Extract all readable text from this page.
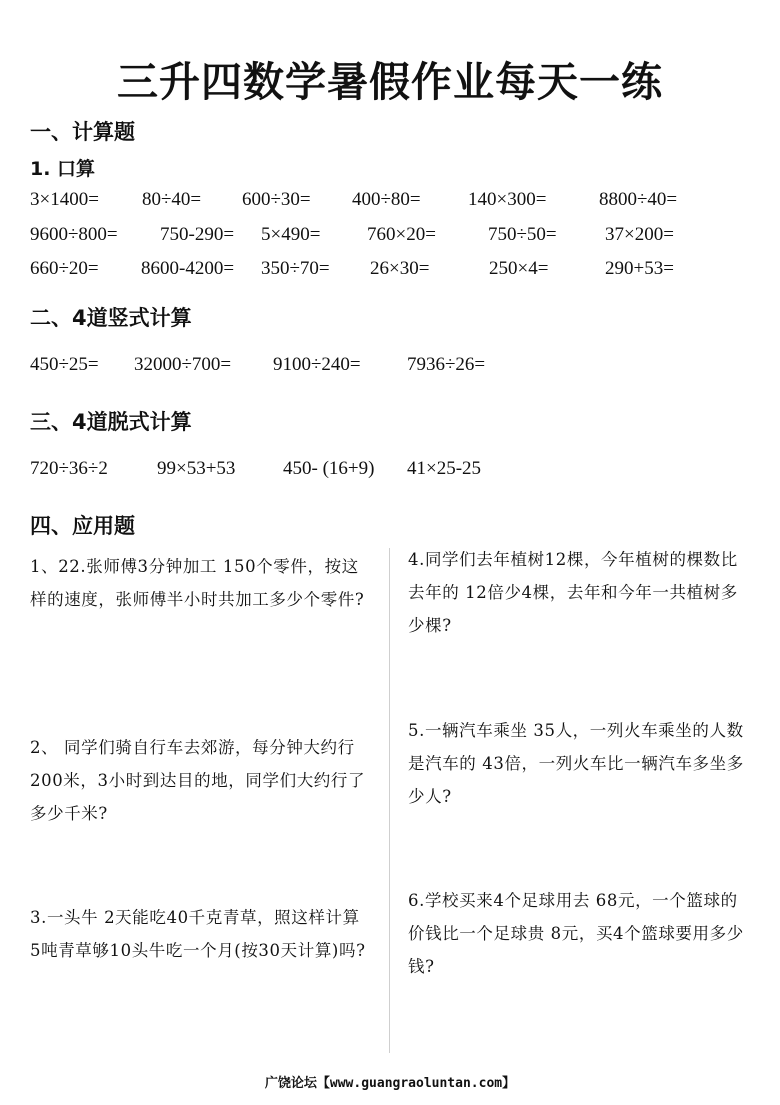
三升四数学暑假作业每天一练
一、计算题
1. 口算
3×1400= 80÷40= 600÷30= 400÷80= 140×300=	8800÷40=
9600÷800= 750-290= 5×490= 760×20=	750÷50=	37×200=
660÷20= 8600-4200= 350÷70= 26×30=	250×4=	290+53=
二、4道竖式计算
450÷25= 32000÷700= 9100÷240= 7936÷26=
三、4道脱式计算
720÷36÷2	99×53+53	450- (16+9) 41×25-25
四、应用题
1、22.张师傅3分钟加工 150个零件，按这样的速度，张师傅半小时共加工多少个零件?
4.同学们去年植树12棵，今年植树的棵数比去年的 12倍少4棵，去年和今年一共植树多少棵?
2、 同学们骑自行车去郊游，每分钟大约行 200米，3小时到达目的地，同学们大约行了多少千米?
5.一辆汽车乘坐 35人，一列火车乘坐的人数是汽车的 43倍，一列火车比一辆汽车多坐多少人?
3.一头牛 2天能吃40千克青草，照这样计算5吨青草够10头牛吃一个月(按30天计算)吗?
6.学校买来4个足球用去 68元，一个篮球的价钱比一个足球贵 8元，买4个篮球要用多少钱?
广饶论坛【www.guangraoluntan.com】
